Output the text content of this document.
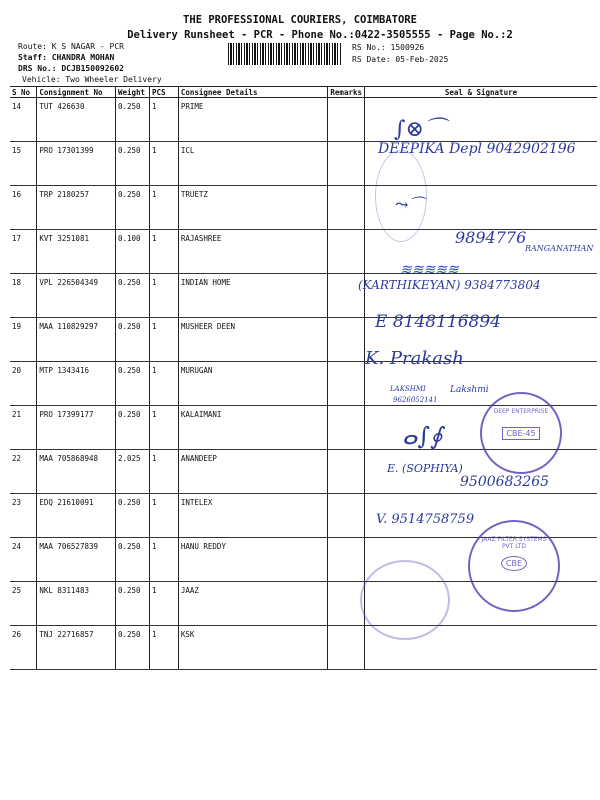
THE PROFESSIONAL COURIERS, COIMBATORE
Delivery Runsheet - PCR - Phone No.:0422-3505555 - Page No.:2
Route: K S NAGAR - PCR
Staff: CHANDRA MOHAN
DRS No.: DCJB150092602
Vehicle: Two Wheeler Delivery
RS No.: 1500926
RS Date: 05-Feb-2025
S No	Consignment No	Weight	PCS	Consignee Details	Remarks	Seal & Signature
14	TUT 426630	0.250	1	PRIME		
15	PRO 17301399	0.250	1	ICL		
16	TRP 2180257	0.250	1	TRUETZ		
17	KVT 3251081	0.100	1	RAJASHREE		
18	VPL 226504349	0.250	1	INDIAN HOME		
19	MAA 110829297	0.250	1	MUSHEER DEEN		
20	MTP 1343416	0.250	1	MURUGAN		
21	PRO 17399177	0.250	1	KALAIMANI		
22	MAA 705868948	2.025	1	ANANDEEP		
23	EDQ 21610091	0.250	1	INTELEX		
24	MAA 706527839	0.250	1	HANU REDDY		
25	NKL 8311483	0.250	1	JAAZ		
26	TNJ 22716857	0.250	1	KSK		
∫⊗⌒
DEEPIKA Depl 9042902196
⤳⌒
9894776
RANGANATHAN
≋≋≋≋≋
(KARTHIKEYAN) 9384773804
E 8148116894
K. Prakash
LAKSHMI
9626052141
Lakshmi
ⴰ∫∮
E. (SOPHIYA)
9500683265
V. 9514758759
DEEP ENTERPRISE
CBE-45
JAAZ FILTER SYSTEMS PVT LTD
CBE
